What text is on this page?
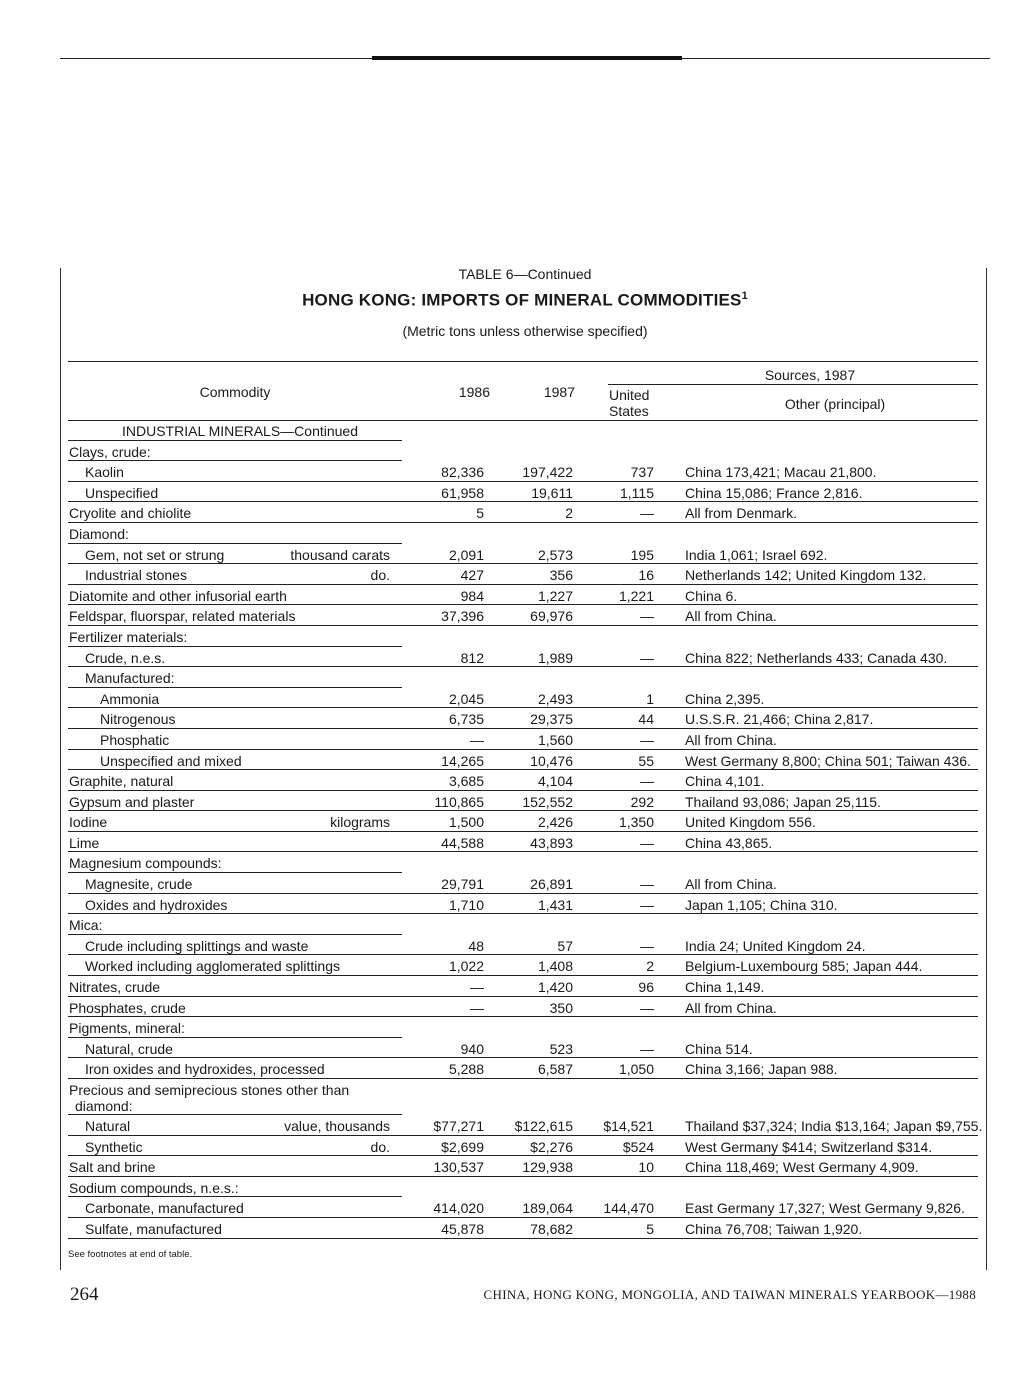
TABLE 6—Continued
HONG KONG: IMPORTS OF MINERAL COMMODITIES$^1$
(Metric tons unless otherwise specified)
Commodity	1986	1987
Sources, 1987
United States	Other (principal)
INDUSTRIAL MINERALS—Continued
Clays, crude:
Kaolin	82,336	197,422	737 China 173,421; Macau 21,800.
Unspecified	61,958	19,611	1,115 China 15,086; France 2,816.
Cryolite and chiolite	5	2	— All from Denmark.
Diamond:
Gem, not set or strung	thousand carats	2,091	2,573	195 India 1,061; Israel 692.
Industrial stones	do.	427	356	16 Netherlands 142; United Kingdom 132.
Diatomite and other infusorial earth	984	1,227	1,221 China 6.
Feldspar, fluorspar, related materials	37,396	69,976	— All from China.
Fertilizer materials:
Crude, n.e.s.	812	1,989	— China 822; Netherlands 433; Canada 430.
Manufactured:
Ammonia	2,045	2,493	1 China 2,395.
Nitrogenous	6,735	29,375	44 U.S.S.R. 21,466; China 2,817.
Phosphatic	—	1,560	— All from China.
Unspecified and mixed	14,265	10,476	55 West Germany 8,800; China 501; Taiwan 436.
Graphite, natural	3,685	4,104	— China 4,101.
Gypsum and plaster	110,865	152,552	292 Thailand 93,086; Japan 25,115.
Iodine	kilograms	1,500	2,426	1,350 United Kingdom 556.
Lime	44,588	43,893	— China 43,865.
Magnesium compounds:
Magnesite, crude	29,791	26,891	— All from China.
Oxides and hydroxides	1,710	1,431	— Japan 1,105; China 310.
Mica:
Crude including splittings and waste	48	57	— India 24; United Kingdom 24.
Worked including agglomerated splittings	1,022	1,408	2 Belgium-Luxembourg 585; Japan 444.
Nitrates, crude	—	1,420	96 China 1,149.
Phosphates, crude	—	350	— All from China.
Pigments, mineral:
Natural, crude	940	523	— China 514.
Iron oxides and hydroxides, processed	5,288	6,587	1,050 China 3,166; Japan 988.
Precious and semiprecious stones other than
diamond:
Natural	value, thousands	$77,271 $122,615 $14,521 Thailand $37,324; India $13,164; Japan $9,755.
Synthetic	do.	$2,699	$2,276	$524 West Germany $414; Switzerland $314.
Salt and brine	130,537	129,938	10 China 118,469; West Germany 4,909.
Sodium compounds, n.e.s.:
Carbonate, manufactured	414,020	189,064 144,470 East Germany 17,327; West Germany 9,826.
Sulfate, manufactured	45,878	78,682	5 China 76,708; Taiwan 1,920.
See footnotes at end of table.
264	CHINA, HONG KONG, MONGOLIA, AND TAIWAN MINERALS YEARBOOK—1988
